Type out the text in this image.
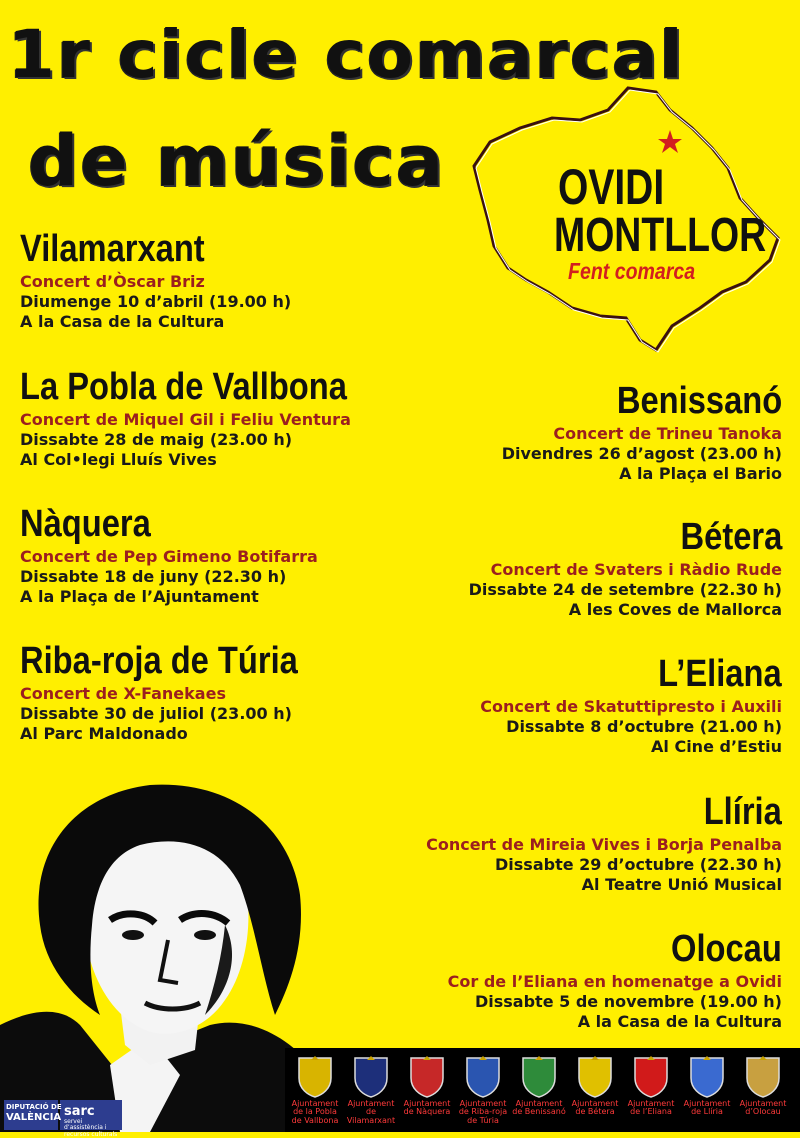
1r cicle comarcal
de música OVIDI
MONTLLOR
Fent comarca
Vilamarxant
Concert d’Òscar Briz
Diumenge 10 d’abril (19.00 h)
A la Casa de la Cultura
La Pobla de Vallbona
Concert de Miquel Gil i Feliu Ventura
Dissabte 28 de maig (23.00 h)
Al Col•legi Lluís Vives
Nàquera
Concert de Pep Gimeno Botifarra
Dissabte 18 de juny (22.30 h)
A la Plaça de l’Ajuntament
Riba-roja de Túria
Concert de X-Fanekaes
Dissabte 30 de juliol (23.00 h)
Al Parc Maldonado
Benissanó
Concert de Trineu Tanoka
Divendres 26 d’agost (23.00 h)
A la Plaça el Bario
Bétera
Concert de Svaters i Ràdio Rude
Dissabte 24 de setembre (22.30 h)
A les Coves de Mallorca
L’Eliana
Concert de Skatuttipresto i Auxili
Dissabte 8 d’octubre (21.00 h)
Al Cine d’Estiu
Llíria
Concert de Mireia Vives i Borja Penalba
Dissabte 29 d’octubre (22.30 h)
Al Teatre Unió Musical
Olocau
Cor de l’Eliana en homenatge a Ovidi
Dissabte 5 de novembre (19.00 h)
A la Casa de la Cultura
DIPUTACIÓ DE
VALÈNCIA sarc
servei d’assistència i recursos culturals
Ajuntament de la Pobla de Vallbona
Ajuntament de Vilamarxant
Ajuntament de Nàquera
Ajuntament de Riba-roja de Túria
Ajuntament de Benissanó
Ajuntament de Bétera
Ajuntament de l’Eliana
Ajuntament de Llíria
Ajuntament d’Olocau
